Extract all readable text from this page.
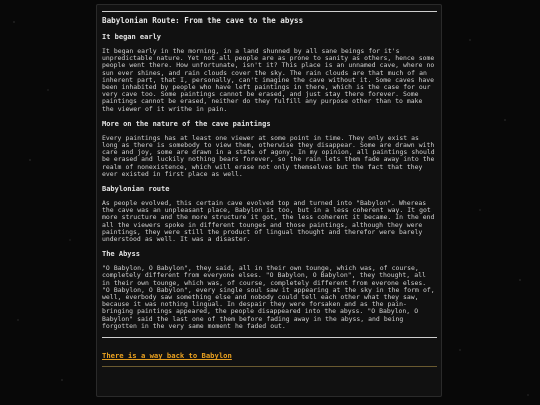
Babylonian Route: From the cave to the abyss
It began early

It began early in the morning, in a land shunned by all sane beings for it's unpredictable nature. Yet not all people are as prone to sanity as others, hence some people went there. How unfortunate, isn't it? This place is an unnamed cave, where no sun ever shines, and rain clouds cover the sky. The rain clouds are that much of an inherent part, that I, personally, can't imagine the cave without it. Some caves have been inhabited by people who have left paintings in there, which is the case for our very cave too. Some paintings cannot be erased, and just stay there forever. Some paintings cannot be erased, neither do they fulfill any purpose other than to make the viewer of it writhe in pain.

More on the nature of the cave paintings

Every paintings has at least one viewer at some point in time. They only exist as long as there is somebody to view them, otherwise they disappear. Some are drawn with care and joy, some are drawn in a state of agony. In my opinion, all paintings should be erased and luckily nothing bears forever, so the rain lets them fade away into the realm of nonexistence, which will erase not only themselves but the fact that they ever existed in first place as well.

Babylonian route

As people evolved, this certain cave evolved top and turned into "Babylon". Whereas the cave was an unpleasant place, Babylon is too, but in a less coherent way. It got more structure and the more structure it got, the less coherent it became. In the end all the viewers spoke in different tounges and those paintings, although they were paintings, they were still the product of lingual thought and therefor were barely understood as well. It was a disaster.

The Abyss

"O Babylon, O Babylon", they said, all in their own tounge, which was, of course, completely different from everyone elses. "O Babylon, O Babylon", they thought, all in their own tounge, which was, of course, completely different from everone elses. "O Babylon, O Babylon", every single soul saw it appearing at the sky in the form of, well, everbody saw something else and nobody could tell each other what they saw, because it was nothing lingual. In despair they were forsaken and as the pain-bringing paintings appeared, the people disappeared into the abyss. "O Babylon, O Babylon" said the last one of them before fading away in the abyss, and being forgotten in the very same moment he faded out.

There is a way back to Babylon
